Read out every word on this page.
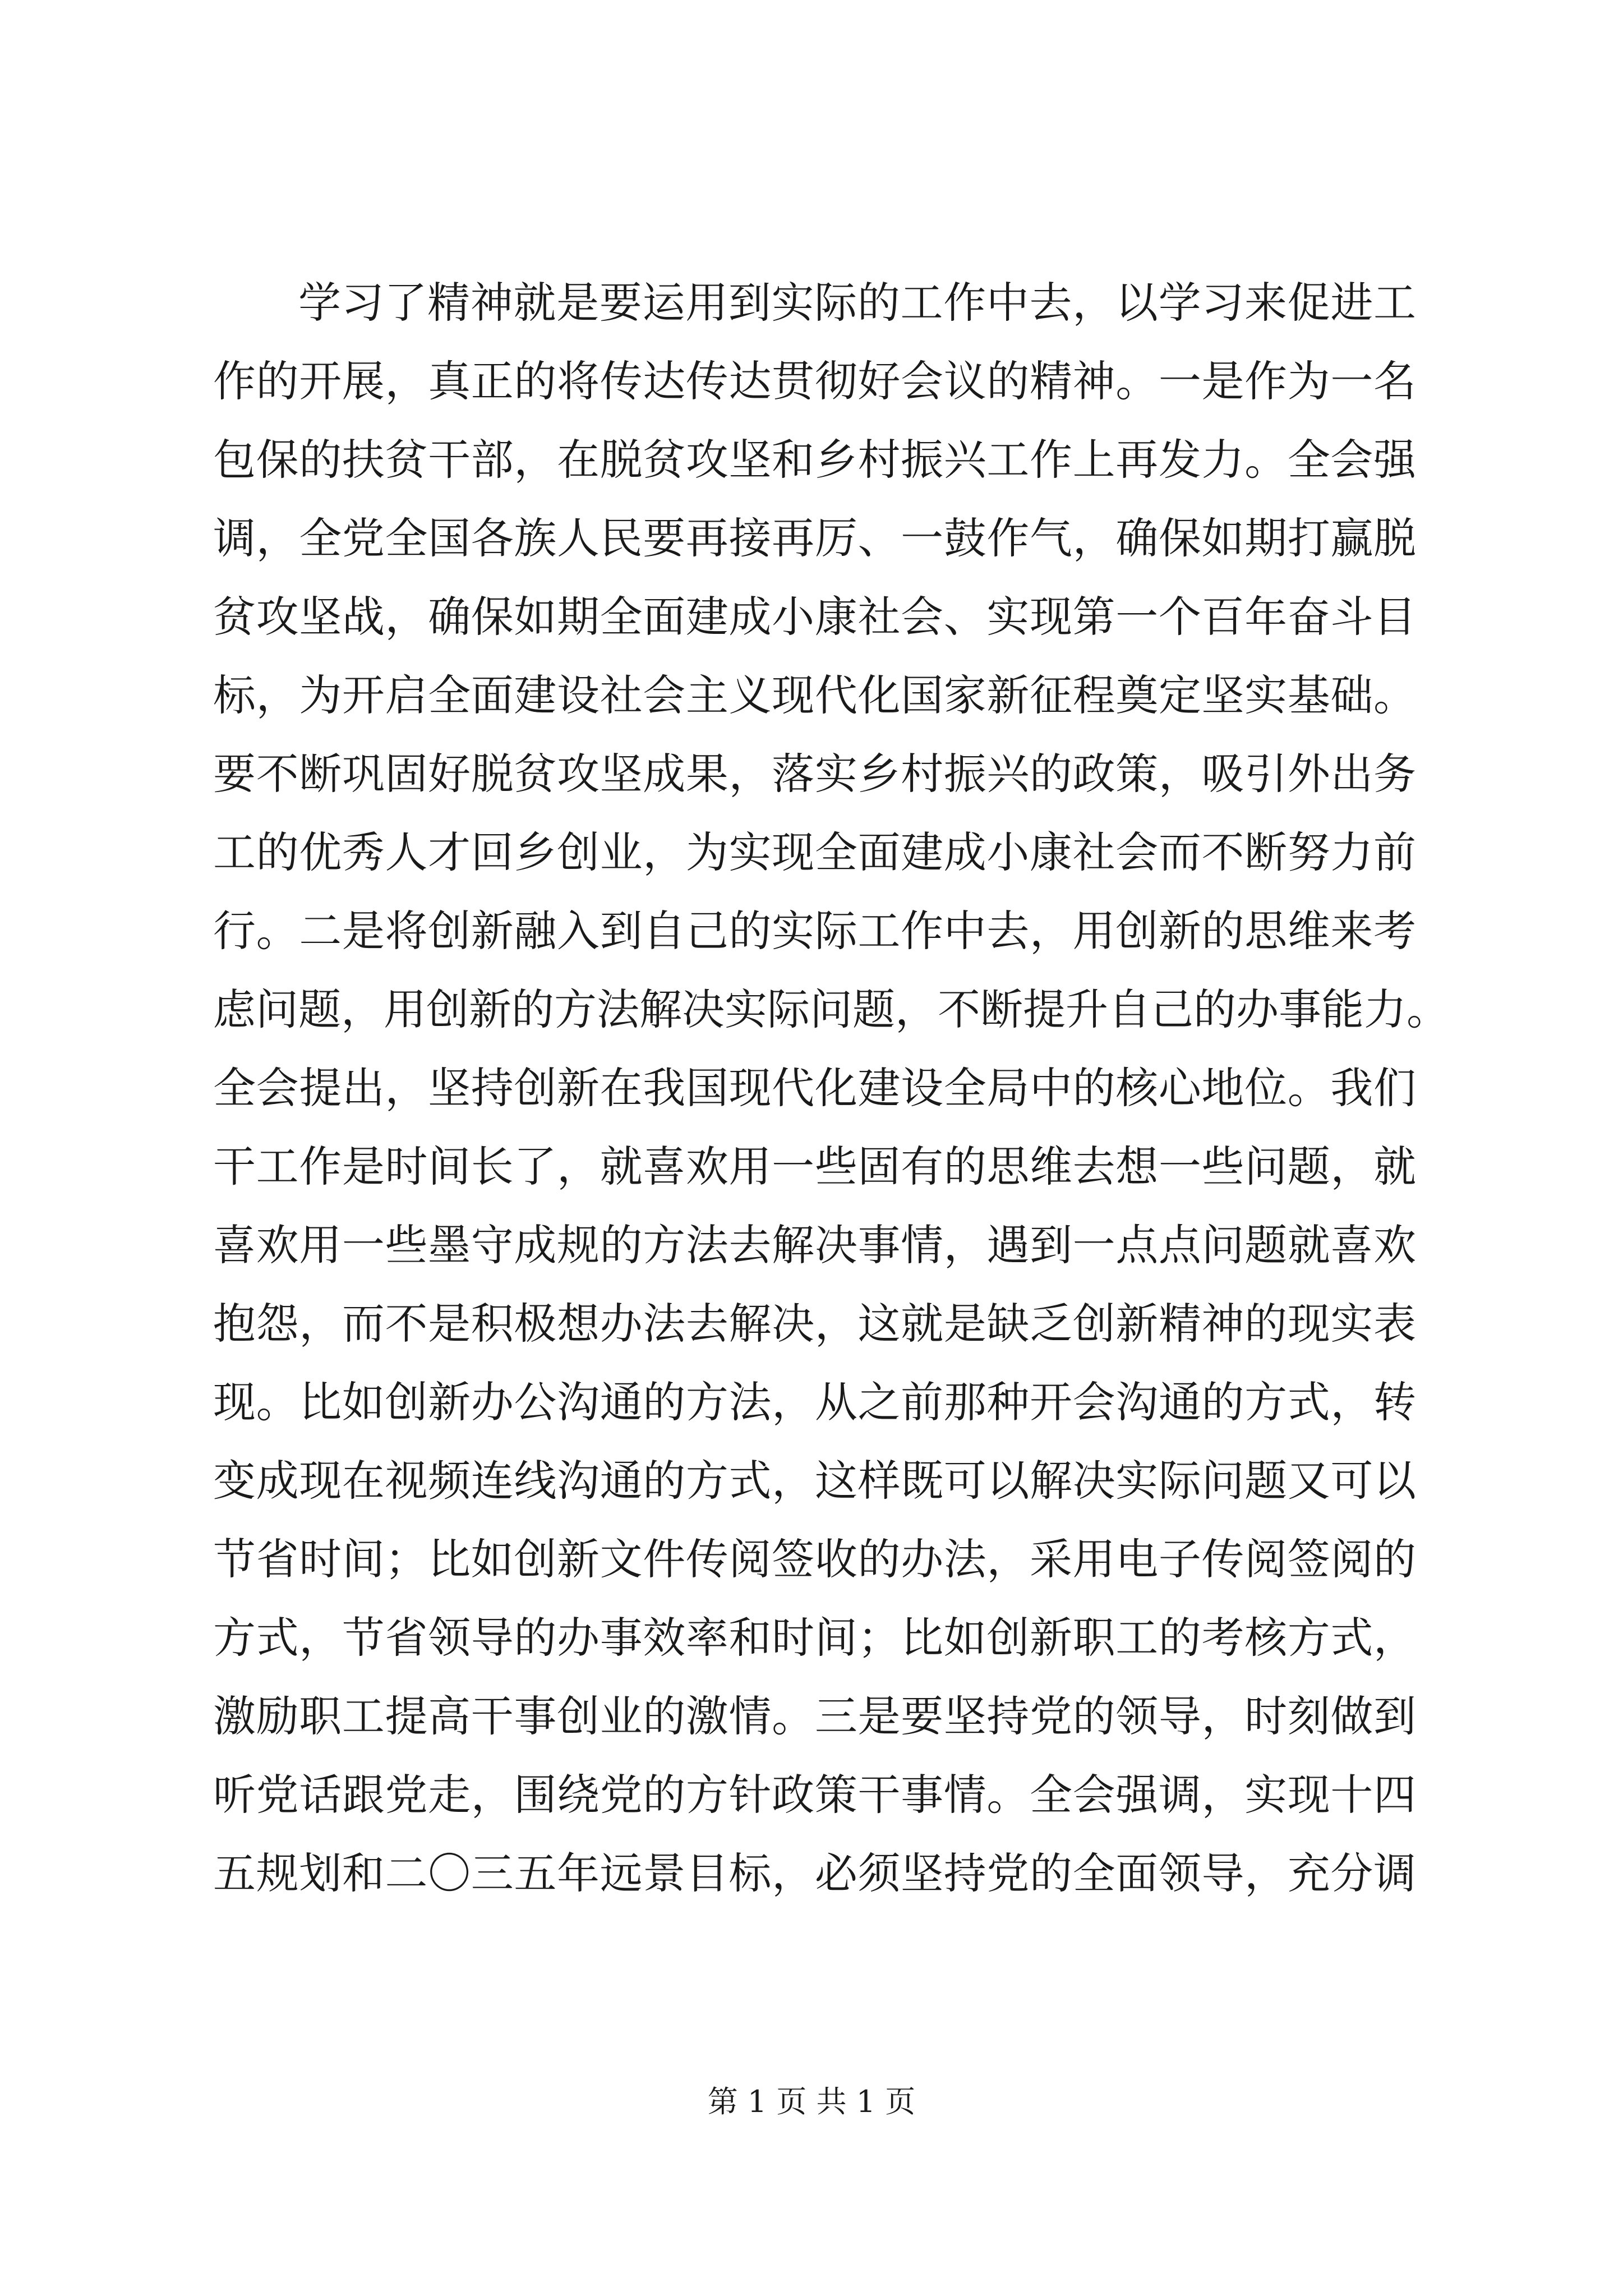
学习了精神就是要运用到实际的工作中去，以学习来促进工
作的开展，真正的将传达传达贯彻好会议的精神。一是作为一名
包保的扶贫干部，在脱贫攻坚和乡村振兴工作上再发力。全会强
调，全党全国各族人民要再接再厉、一鼓作气，确保如期打赢脱
贫攻坚战，确保如期全面建成小康社会、实现第一个百年奋斗目
标，为开启全面建设社会主义现代化国家新征程奠定坚实基础。
要不断巩固好脱贫攻坚成果，落实乡村振兴的政策，吸引外出务
工的优秀人才回乡创业，为实现全面建成小康社会而不断努力前
行。二是将创新融入到自己的实际工作中去，用创新的思维来考
虑问题，用创新的方法解决实际问题，不断提升自己的办事能力。
全会提出，坚持创新在我国现代化建设全局中的核心地位。我们
干工作是时间长了，就喜欢用一些固有的思维去想一些问题，就
喜欢用一些墨守成规的方法去解决事情，遇到一点点问题就喜欢
抱怨，而不是积极想办法去解决，这就是缺乏创新精神的现实表
现。比如创新办公沟通的方法，从之前那种开会沟通的方式，转
变成现在视频连线沟通的方式，这样既可以解决实际问题又可以
节省时间；比如创新文件传阅签收的办法，采用电子传阅签阅的
方式，节省领导的办事效率和时间；比如创新职工的考核方式，
激励职工提高干事创业的激情。三是要坚持党的领导，时刻做到
听党话跟党走，围绕党的方针政策干事情。全会强调，实现十四
五规划和二〇三五年远景目标，必须坚持党的全面领导，充分调
第 1 页 共 1 页
